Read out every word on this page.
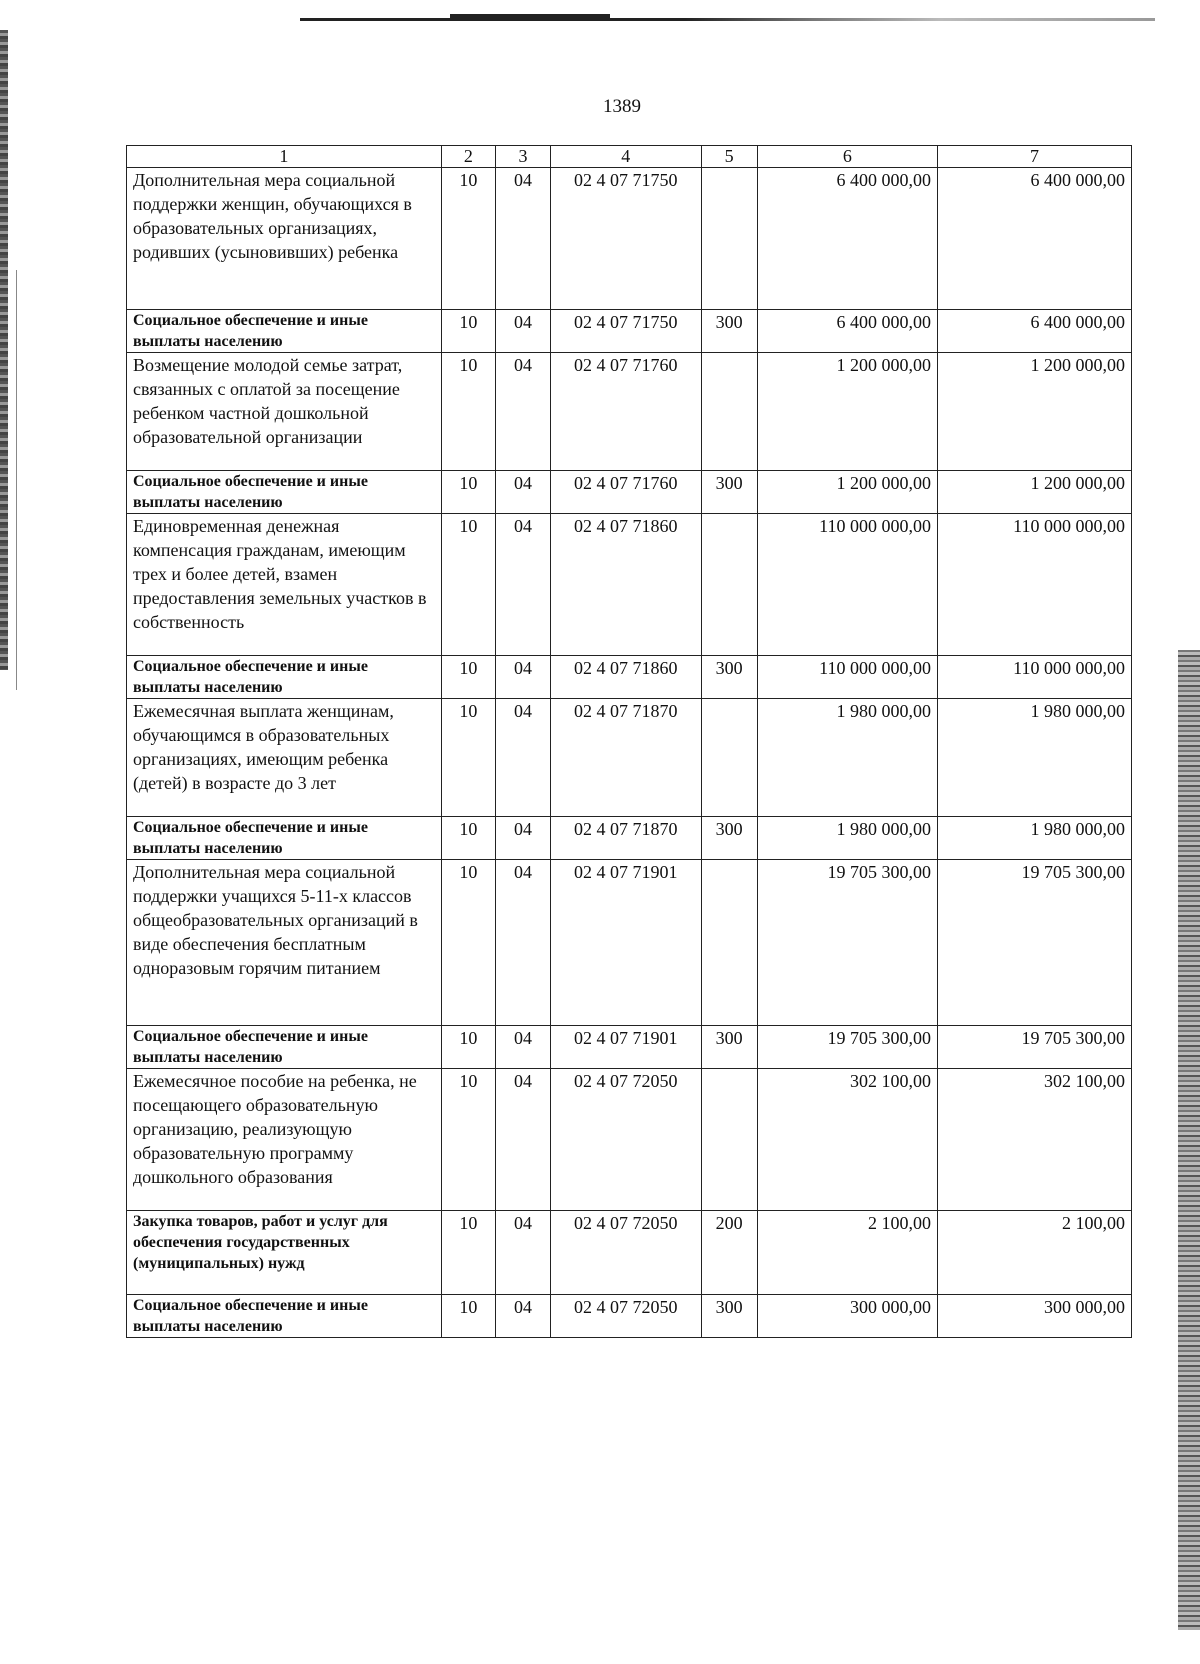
1389
1	2	3	4	5	6	7
Дополнительная мера социальной поддержки женщин, обучающихся в образовательных организациях, родивших (усыновивших) ребенка	10	04	02 4 07 71750		6 400 000,00	6 400 000,00
Социальное обеспечение и иные выплаты населению	10	04	02 4 07 71750	300	6 400 000,00	6 400 000,00
Возмещение молодой семье затрат, связанных с оплатой за посещение ребенком частной дошкольной образовательной организации	10	04	02 4 07 71760		1 200 000,00	1 200 000,00
Социальное обеспечение и иные выплаты населению	10	04	02 4 07 71760	300	1 200 000,00	1 200 000,00
Единовременная денежная компенсация гражданам, имеющим трех и более детей, взамен предоставления земельных участков в собственность	10	04	02 4 07 71860		110 000 000,00	110 000 000,00
Социальное обеспечение и иные выплаты населению	10	04	02 4 07 71860	300	110 000 000,00	110 000 000,00
Ежемесячная выплата женщинам, обучающимся в образовательных организациях, имеющим ребенка (детей) в возрасте до 3 лет	10	04	02 4 07 71870		1 980 000,00	1 980 000,00
Социальное обеспечение и иные выплаты населению	10	04	02 4 07 71870	300	1 980 000,00	1 980 000,00
Дополнительная мера социальной поддержки учащихся 5-11-х классов общеобразовательных организаций в виде обеспечения бесплатным одноразовым горячим питанием	10	04	02 4 07 71901		19 705 300,00	19 705 300,00
Социальное обеспечение и иные выплаты населению	10	04	02 4 07 71901	300	19 705 300,00	19 705 300,00
Ежемесячное пособие на ребенка, не посещающего образовательную организацию, реализующую образовательную программу дошкольного образования	10	04	02 4 07 72050		302 100,00	302 100,00
Закупка товаров, работ и услуг для обеспечения государственных (муниципальных) нужд	10	04	02 4 07 72050	200	2 100,00	2 100,00
Социальное обеспечение и иные выплаты населению	10	04	02 4 07 72050	300	300 000,00	300 000,00
